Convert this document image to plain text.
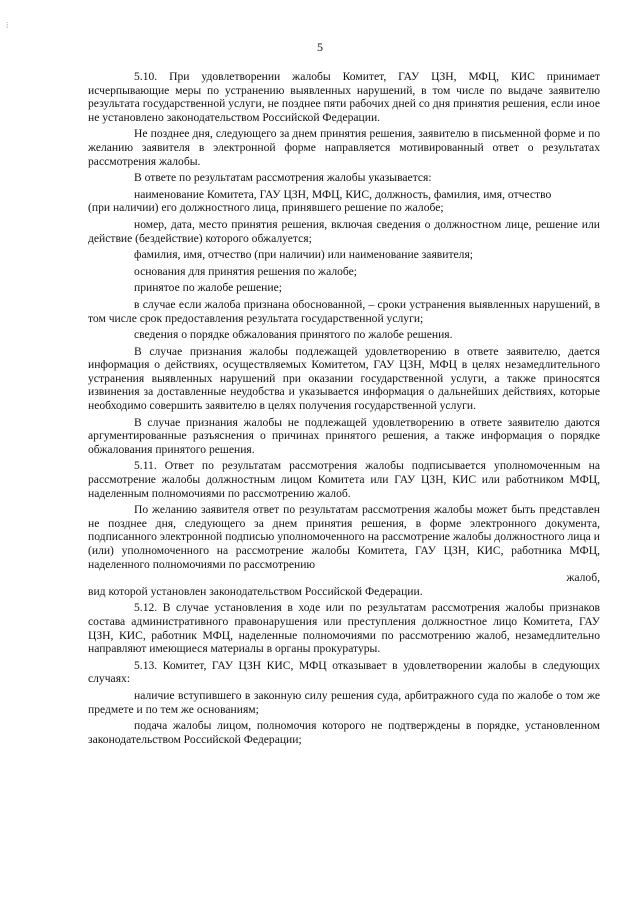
⁞
5

5.10. При удовлетворении жалобы Комитет, ГАУ ЦЗН, МФЦ, КИС принимает исчерпывающие меры по устранению выявленных нарушений, в том числе по выдаче заявителю результата государственной услуги, не позднее пяти рабочих дней со дня принятия решения, если иное не установлено законодательством Российской Федерации.

Не позднее дня, следующего за днем принятия решения, заявителю в письменной форме и по желанию заявителя в электронной форме направляется мотивированный ответ о результатах рассмотрения жалобы.

В ответе по результатам рассмотрения жалобы указывается:

наименование Комитета, ГАУ ЦЗН, МФЦ, КИС, должность, фамилия, имя, отчество

(при наличии) его должностного лица, принявшего решение по жалобе;

номер, дата, место принятия решения, включая сведения о должностном лице, решение или действие (бездействие) которого обжалуется;

фамилия, имя, отчество (при наличии) или наименование заявителя;

основания для принятия решения по жалобе;

принятое по жалобе решение;

в случае если жалоба признана обоснованной, – сроки устранения выявленных нарушений, в том числе срок предоставления результата государственной услуги;

сведения о порядке обжалования принятого по жалобе решения.

В случае признания жалобы подлежащей удовлетворению в ответе заявителю, дается информация о действиях, осуществляемых Комитетом, ГАУ ЦЗН, МФЦ в целях незамедлительного устранения выявленных нарушений при оказании государственной услуги, а также приносятся извинения за доставленные неудобства и указывается информация о дальнейших действиях, которые необходимо совершить заявителю в целях получения государственной услуги.

В случае признания жалобы не подлежащей удовлетворению в ответе заявителю даются аргументированные разъяснения о причинах принятого решения, а также информация о порядке обжалования принятого решения.

5.11. Ответ по результатам рассмотрения жалобы подписывается уполномоченным на рассмотрение жалобы должностным лицом Комитета или ГАУ ЦЗН, КИС или работником МФЦ, наделенным полномочиями по рассмотрению жалоб.

По желанию заявителя ответ по результатам рассмотрения жалобы может быть представлен не позднее дня, следующего за днем принятия решения, в форме электронного документа, подписанного электронной подписью уполномоченного на рассмотрение жалобы должностного лица и (или) уполномоченного на рассмотрение жалобы Комитета, ГАУ ЦЗН, КИС, работника МФЦ, наделенного полномочиями по рассмотрению

жалоб,

вид которой установлен законодательством Российской Федерации.

5.12. В случае установления в ходе или по результатам рассмотрения жалобы признаков состава административного правонарушения или преступления должностное лицо Комитета, ГАУ ЦЗН, КИС, работник МФЦ, наделенные полномочиями по рассмотрению жалоб, незамедлительно направляют имеющиеся материалы в органы прокуратуры.

5.13. Комитет, ГАУ ЦЗН КИС, МФЦ отказывает в удовлетворении жалобы в следующих случаях:

наличие вступившего в законную силу решения суда, арбитражного суда по жалобе о том же предмете и по тем же основаниям;

подача жалобы лицом, полномочия которого не подтверждены в порядке, установленном законодательством Российской Федерации;
